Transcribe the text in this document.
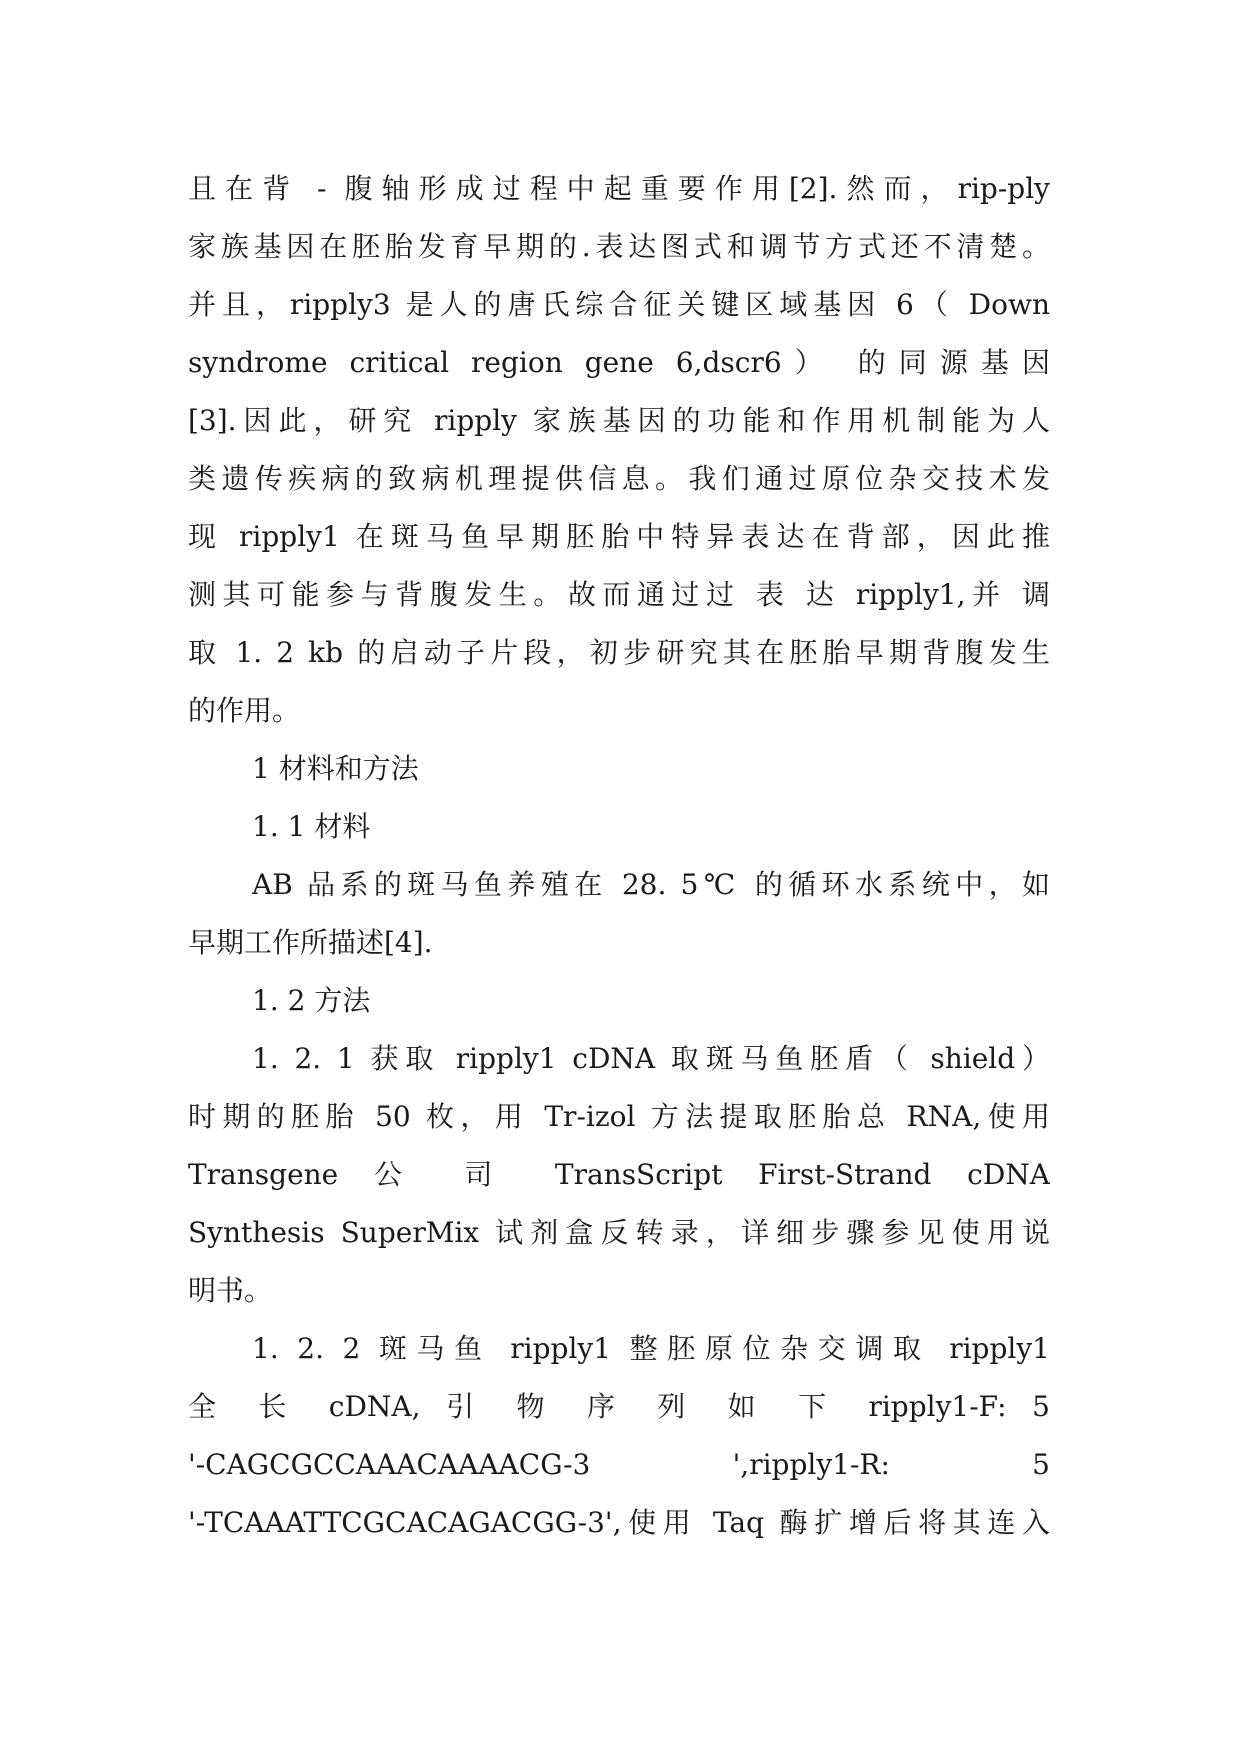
且在背 - 腹轴形成过程中起重要作用[2].然而，rip-ply
家族基因在胚胎发育早期的.表达图式和调节方式还不清楚。
并且，ripply3 是人的唐氏综合征关键区域基因 6（ Down
syndrome critical region gene 6,dscr6） 的同源基因
[3].因此，研究 ripply 家族基因的功能和作用机制能为人
类遗传疾病的致病机理提供信息。我们通过原位杂交技术发
现 ripply1 在斑马鱼早期胚胎中特异表达在背部，因此推
测其可能参与背腹发生。故而通过过 表 达 ripply1,并 调
取 1. 2 kb 的启动子片段，初步研究其在胚胎早期背腹发生
的作用。
1 材料和方法
1. 1 材料
AB 品系的斑马鱼养殖在 28. 5℃ 的循环水系统中，如
早期工作所描述[4].
1. 2 方法
1. 2. 1 获取 ripply1 cDNA 取斑马鱼胚盾（ shield）
时期的胚胎 50 枚，用 Tr-izol 方法提取胚胎总 RNA,使用
Transgene 公 司 TransScript First-Strand cDNA
Synthesis SuperMix 试剂盒反转录，详细步骤参见使用说
明书。
1. 2. 2 斑马鱼 ripply1 整胚原位杂交调取 ripply1
全 长 cDNA, 引 物 序 列 如 下 ripply1-F: 5
'-CAGCGCCAAACAAAACG-3	',ripply1-R:	5
'-TCAAATTCGCACAGACGG-3',使用 Taq 酶扩增后将其连入
